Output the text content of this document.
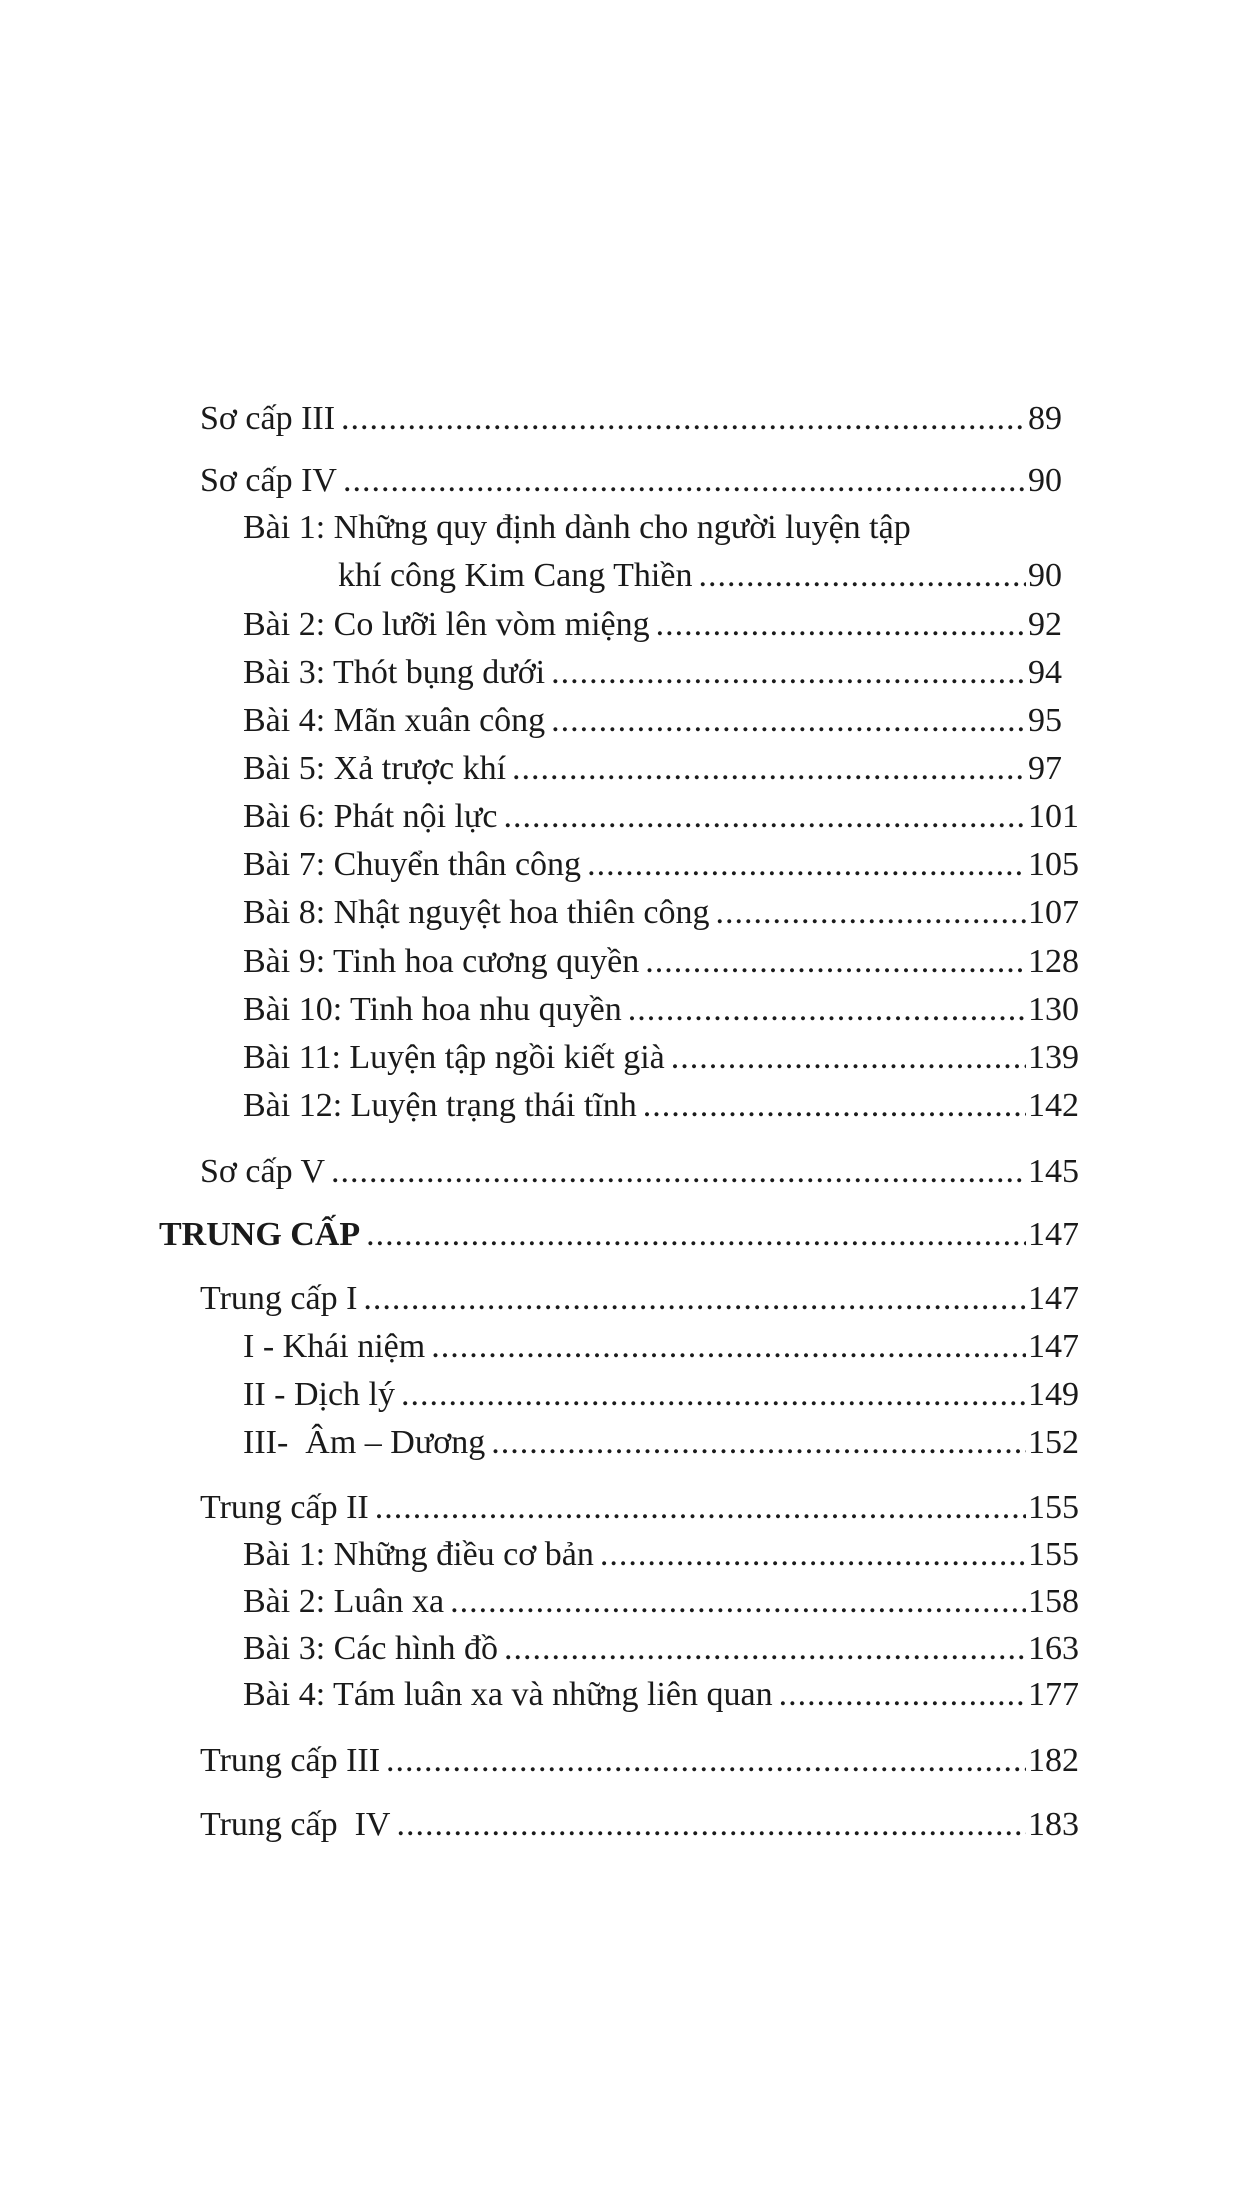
Sơ cấp III .....	89
Sơ cấp IV .....	90
Bài 1: Những quy định dành cho người luyện tập
khí công Kim Cang Thiền .....	90
Bài 2: Co lưỡi lên vòm miệng .....	92
Bài 3: Thót bụng dưới .....	94
Bài 4: Mãn xuân công .....	95
Bài 5: Xả trược khí .....	97
Bài 6: Phát nội lực .....	101
Bài 7: Chuyển thân công .....	105
Bài 8: Nhật nguyệt hoa thiên công .....	107
Bài 9: Tinh hoa cương quyền .....	128
Bài 10: Tinh hoa nhu quyền .....	130
Bài 11: Luyện tập ngồi kiết già .....	139
Bài 12: Luyện trạng thái tĩnh .....	142
Sơ cấp V .....	145
TRUNG CẤP .....	147
Trung cấp I .....	147
I - Khái niệm .....	147
II - Dịch lý .....	149
III-  Âm – Dương .....	152
Trung cấp II .....	155
Bài 1: Những điều cơ bản .....	155
Bài 2: Luân xa .....	158
Bài 3: Các hình đồ .....	163
Bài 4: Tám luân xa và những liên quan .....	177
Trung cấp III .....	182
Trung cấp  IV .....	183
